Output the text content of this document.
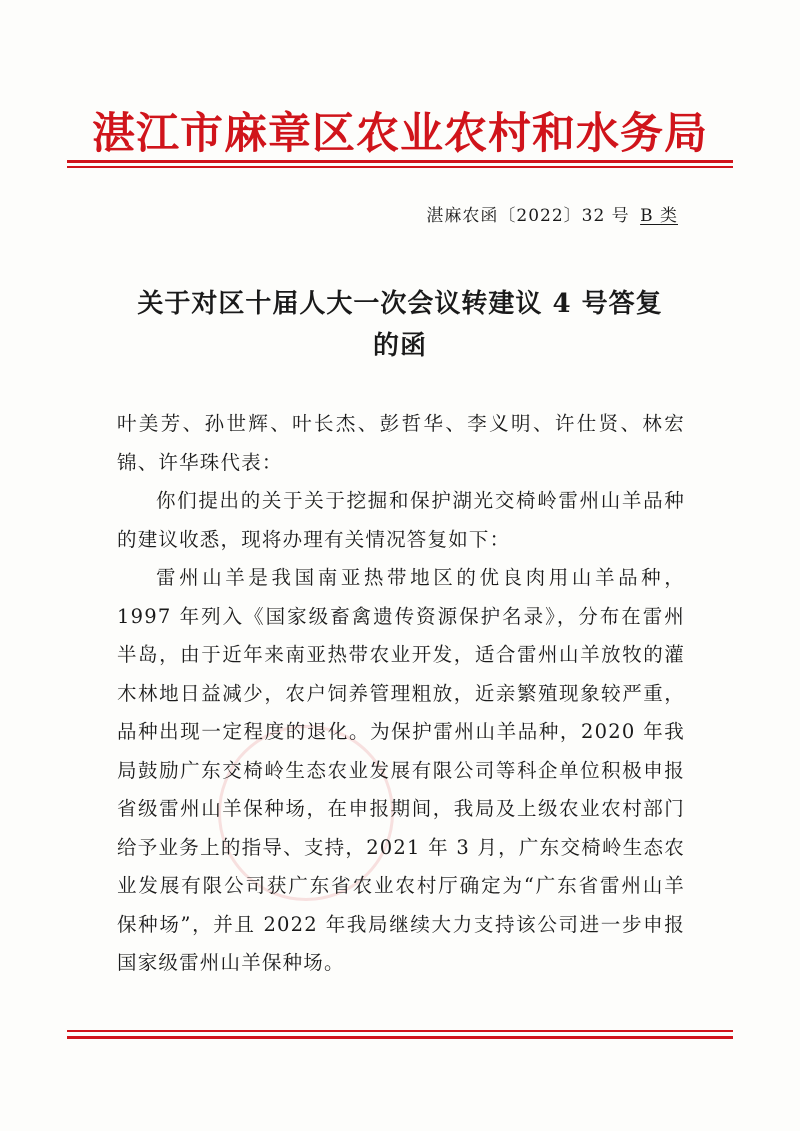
湛江市麻章区农业农村和水务局
湛麻农函〔2022〕32 号 B 类
关于对区十届人大一次会议转建议 4 号答复
的函

叶美芳、孙世辉、叶长杰、彭哲华、李义明、许仕贤、林宏锦、许华珠代表：

你们提出的关于关于挖掘和保护湖光交椅岭雷州山羊品种的建议收悉，现将办理有关情况答复如下：

雷州山羊是我国南亚热带地区的优良肉用山羊品种，1997 年列入《国家级畜禽遗传资源保护名录》，分布在雷州半岛，由于近年来南亚热带农业开发，适合雷州山羊放牧的灌木林地日益减少，农户饲养管理粗放，近亲繁殖现象较严重，品种出现一定程度的退化。为保护雷州山羊品种，2020 年我局鼓励广东交椅岭生态农业发展有限公司等科企单位积极申报省级雷州山羊保种场，在申报期间，我局及上级农业农村部门给予业务上的指导、支持，2021 年 3 月，广东交椅岭生态农业发展有限公司获广东省农业农村厅确定为“广东省雷州山羊保种场”，并且 2022 年我局继续大力支持该公司进一步申报国家级雷州山羊保种场。
